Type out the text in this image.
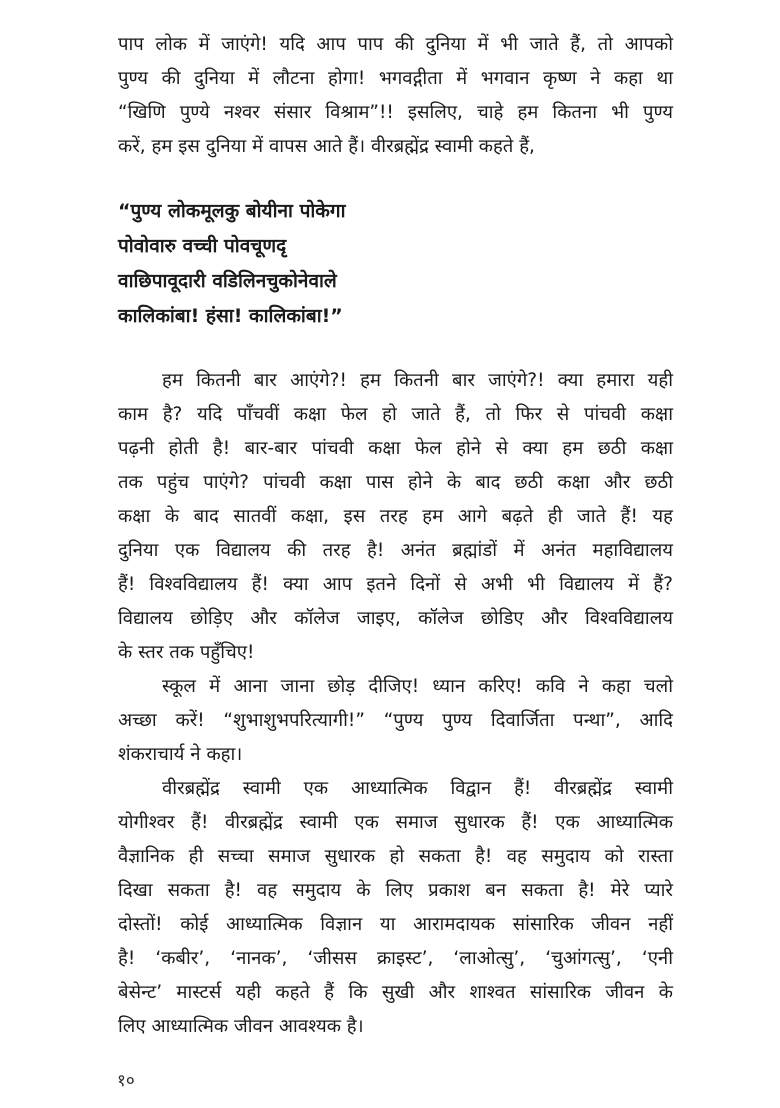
पाप लोक में जाएंगे! यदि आप पाप की दुनिया में भी जाते हैं, तो आपको
पुण्य की दुनिया में लौटना होगा! भगवद्गीता में भगवान कृष्ण ने कहा था
“खिणि पुण्ये नश्वर संसार विश्राम”!! इसलिए, चाहे हम कितना भी पुण्य
करें, हम इस दुनिया में वापस आते हैं। वीरब्रह्मेंद्र स्वामी कहते हैं,
“पुण्य लोकमूलकु बोयीना पोकेगा
पोवोवारु वच्ची पोवचूणदृ
वाछिपावूदारी वडिलिनचुकोनेवाले
कालिकांबा! हंसा! कालिकांबा!”
हम कितनी बार आएंगे?! हम कितनी बार जाएंगे?! क्या हमारा यही
काम है? यदि पाँचवीं कक्षा फेल हो जाते हैं, तो फिर से पांचवी कक्षा
पढ़नी होती है! बार-बार पांचवी कक्षा फेल होने से क्या हम छठी कक्षा
तक पहुंच पाएंगे? पांचवी कक्षा पास होने के बाद छठी कक्षा और छठी
कक्षा के बाद सातवीं कक्षा, इस तरह हम आगे बढ़ते ही जाते हैं! यह
दुनिया एक विद्यालय की तरह है! अनंत ब्रह्मांडों में अनंत महाविद्यालय
हैं! विश्वविद्यालय हैं! क्या आप इतने दिनों से अभी भी विद्यालय में हैं?
विद्यालय छोड़िए और कॉलेज जाइए, कॉलेज छोडिए और विश्वविद्यालय
के स्तर तक पहुँचिए!
स्कूल में आना जाना छोड़ दीजिए! ध्यान करिए! कवि ने कहा चलो
अच्छा करें! “शुभाशुभपरित्यागी!” “पुण्य पुण्य दिवार्जिता पन्था”, आदि
शंकराचार्य ने कहा।
वीरब्रह्मेंद्र स्वामी एक आध्यात्मिक विद्वान हैं! वीरब्रह्मेंद्र स्वामी
योगीश्वर हैं! वीरब्रह्मेंद्र स्वामी एक समाज सुधारक हैं! एक आध्यात्मिक
वैज्ञानिक ही सच्चा समाज सुधारक हो सकता है! वह समुदाय को रास्ता
दिखा सकता है! वह समुदाय के लिए प्रकाश बन सकता है! मेरे प्यारे
दोस्तों! कोई आध्यात्मिक विज्ञान या आरामदायक सांसारिक जीवन नहीं
है! ‘कबीर’, ‘नानक’, ‘जीसस क्राइस्ट’, ‘लाओत्सु’, ‘चुआंगत्सु’, ‘एनी
बेसेन्ट’ मास्टर्स यही कहते हैं कि सुखी और शाश्वत सांसारिक जीवन के
लिए आध्यात्मिक जीवन आवश्यक है।
१०
